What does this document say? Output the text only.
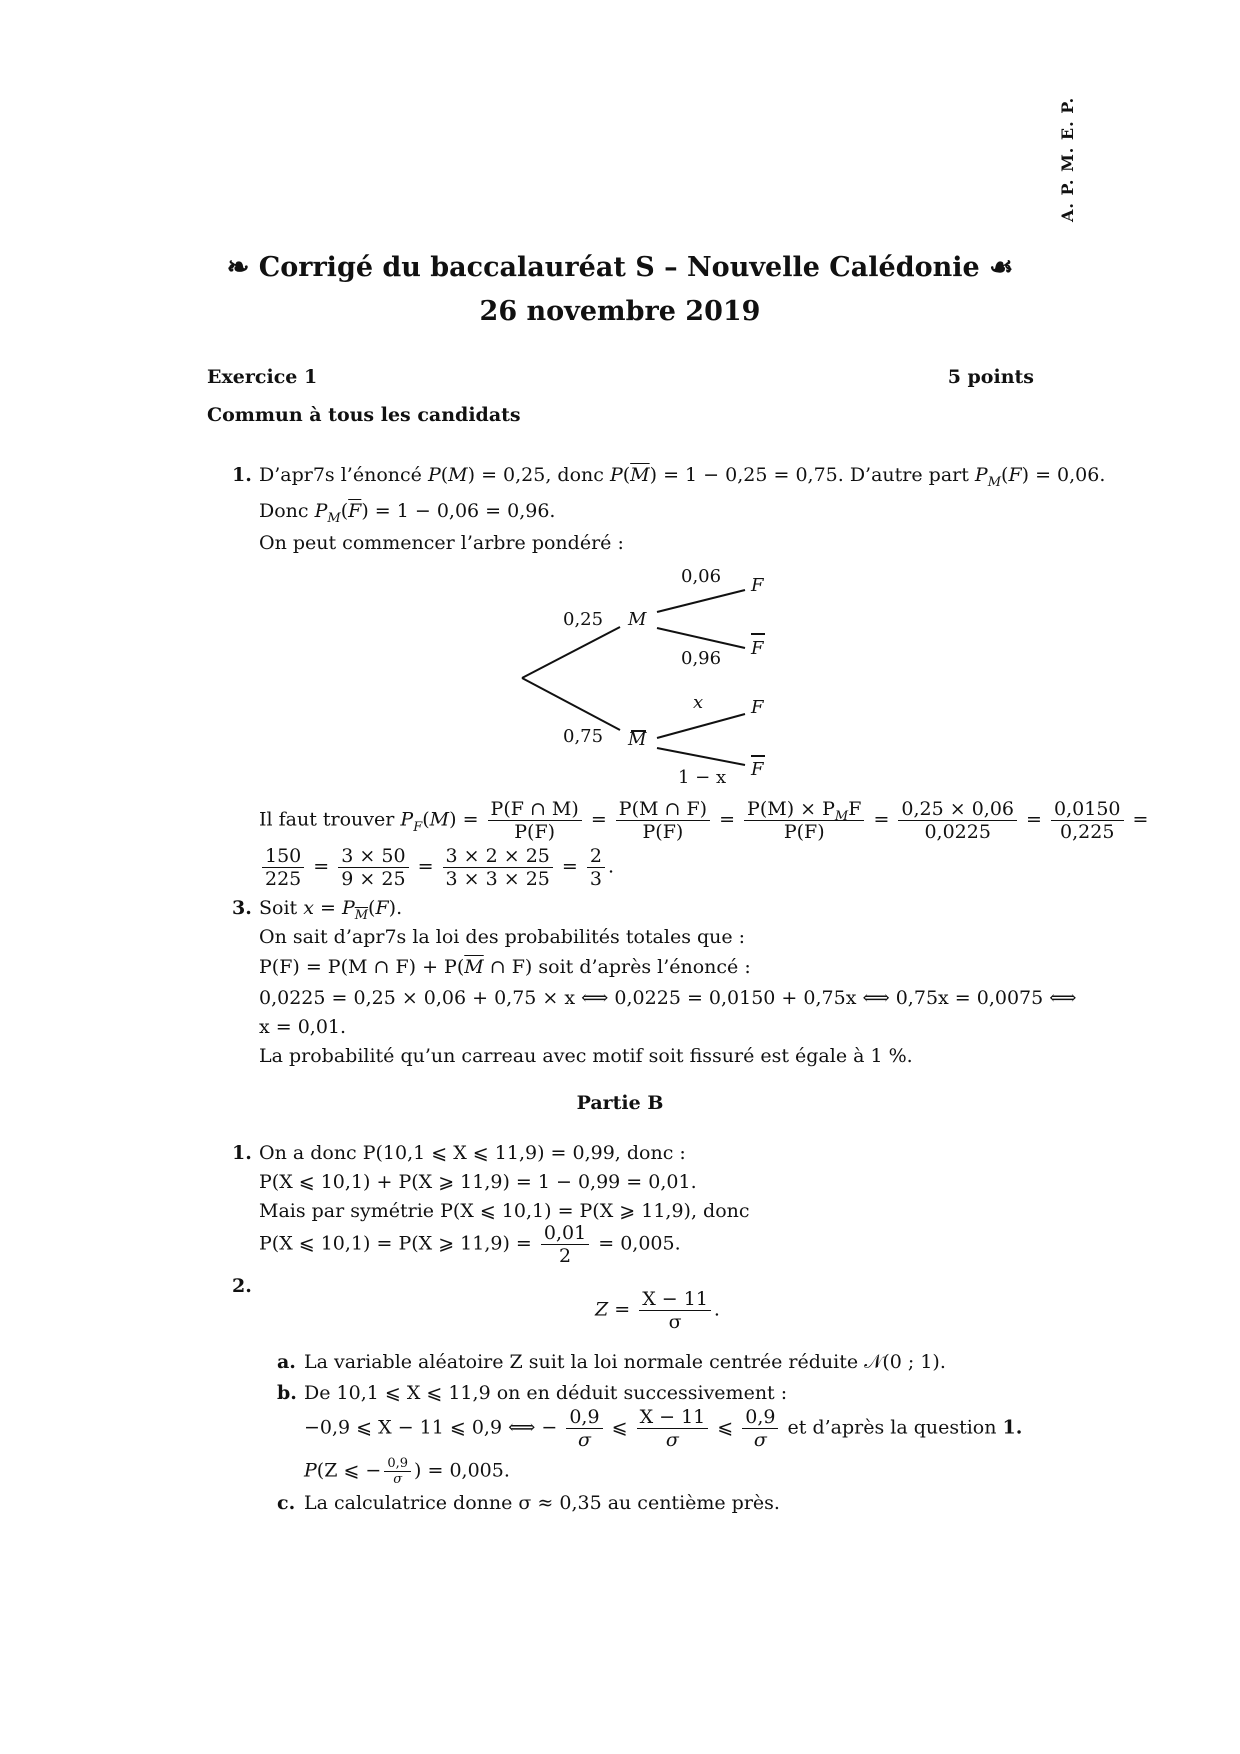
❧ Corrigé du baccalauréat S – Nouvelle Calédonie ☙
26 novembre 2019
A. P. M. E. P.
Exercice 1	5 points
Commun à tous les candidats
1. D’apr7s l’énoncé P(M) = 0,25, donc $P(\overline{M}) = 1 - 0,25 = 0,75$. D’autre part $P_M(F) = 0,06$.
Donc $P_M(\overline{F}) = 1 - 0,06 = 0,96$.
On peut commencer l’arbre pondéré :
0,25 M
0,06 F
0,96 F
0,75 M
x	F
1 − x F
Il faut trouver $P_F(M) = \frac{P(F \cap M)}{P(F)} = \frac{P(M \cap F)}{P(F)} = \frac{P(M) \times P_MF}{P(F)} = \frac{0,25 \times 0,06}{0,0225} = \frac{0,0150}{0,225}$ =
$\frac{150}{225} = \frac{3 \times 50}{9 \times 25} = \frac{3 \times 2 \times 25}{3 \times 3 \times 25} = \frac{2}{3}$ .
3. Soit $x = P_{\overline{M}}(F)$.
On sait d’apr7s la loi des probabilités totales que :
P(F) = P(M ∩ $F) + P(\overline{M}$ ∩ F) soit d’après l’énoncé :
0,0225 = 0,25 × 0,06 + 0,75 × x ⟺ 0,0225 = 0,0150 + 0,75x ⟺ 0,75x = 0,0075 ⟺
x = 0,01.
La probabilité qu’un carreau avec motif soit fissuré est égale à 1 %.
Partie B
1. On a donc P(10,1 ⩽ X ⩽ 11,9) = 0,99, donc :
P(X ⩽ 10,1) + P(X ⩾ 11,9) = 1 − 0,99 = 0,01.
Mais par symétrie P(X ⩽ 10,1) = P(X ⩾ 11,9), donc
P(X ⩽ 10,1) = P(X ⩾ $11,9) = \frac{0,01}{2} = 0,005$.
2.
$Z = \frac{X - 11}{\sigma}$ .
a. La variable aléatoire Z suit la loi normale centrée réduite 𝒩(0 ; 1).
b. De 10,1 ⩽ X ⩽ 11,9 on en déduit successivement :
−0,9 ⩽ X − 11 ⩽ 0,9 ⟺ − $\frac{0,9}{\sigma}$ ⩽ $\frac{X - 11}{\sigma}$ ⩽ $\frac{0,9}{\sigma}$ et d’après la question 1.
P(Z ⩽ − $\frac{0,9}{\sigma}$ ) = 0,005.
c. La calculatrice donne σ ≈ 0,35 au centième près.
